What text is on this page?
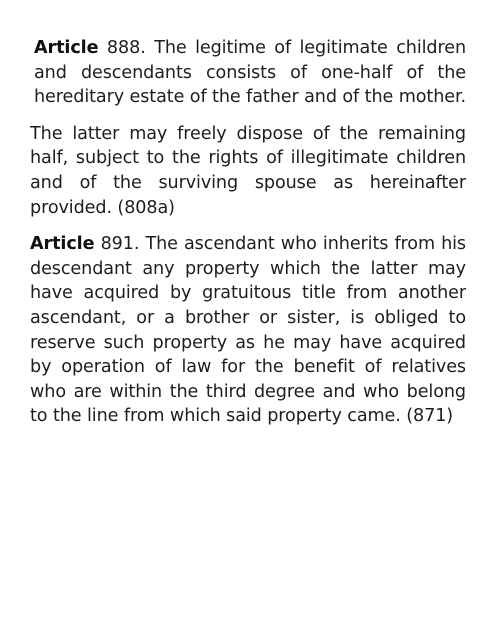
Article 888. The legitime of legitimate children and descendants consists of one-half of the hereditary estate of the father and of the mother.

The latter may freely dispose of the remaining half, subject to the rights of illegitimate children and of the surviving spouse as hereinafter provided. (808a)

Article 891. The ascendant who inherits from his descendant any property which the latter may have acquired by gratuitous title from another ascendant, or a brother or sister, is obliged to reserve such property as he may have acquired by operation of law for the benefit of relatives who are within the third degree and who belong to the line from which said property came. (871)
